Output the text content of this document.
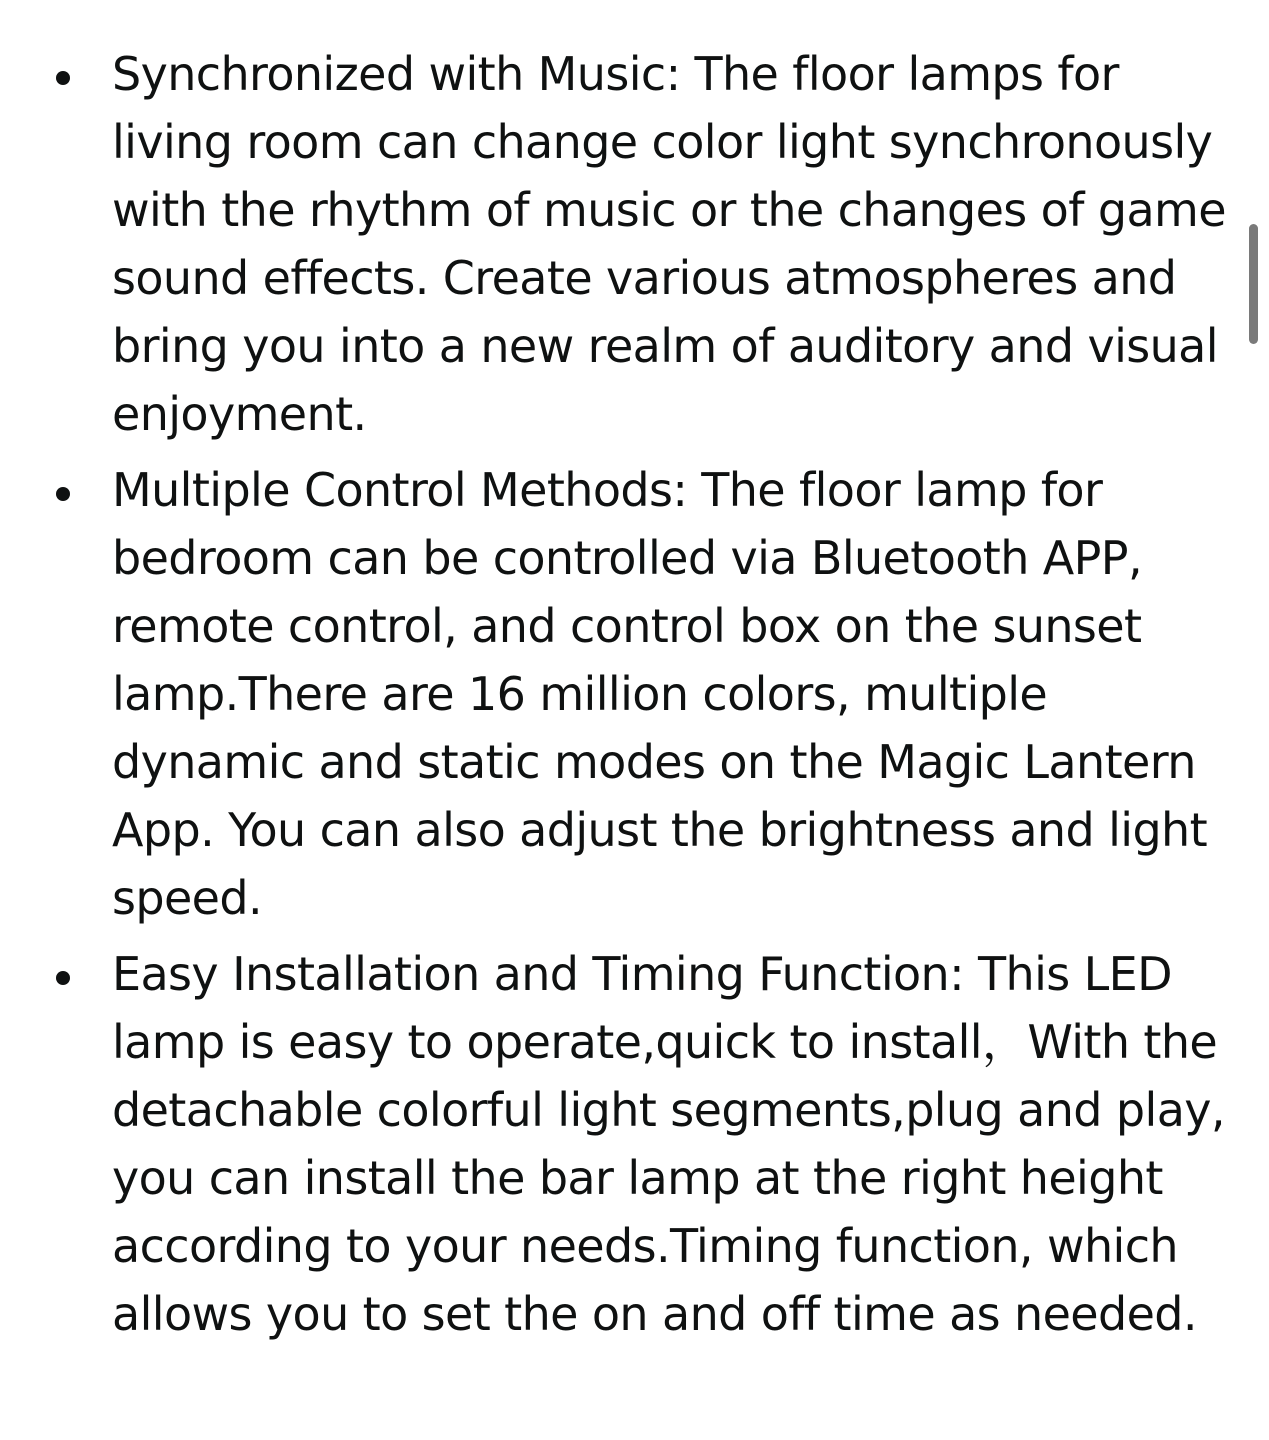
Synchronized with Music: The floor lamps for living room can change color light synchronously with the rhythm of music or the changes of game sound effects. Create various atmospheres and bring you into a new realm of auditory and visual enjoyment.
Multiple Control Methods: The floor lamp for bedroom can be controlled via Bluetooth APP, remote control, and control box on the sunset lamp.There are 16 million colors, multiple dynamic and static modes on the Magic Lantern App. You can also adjust the brightness and light speed.
Easy Installation and Timing Function: This LED lamp is easy to operate,quick to install，With the detachable colorful light segments,plug and play, you can install the bar lamp at the right height according to your needs.Timing function, which allows you to set the on and off time as needed.
